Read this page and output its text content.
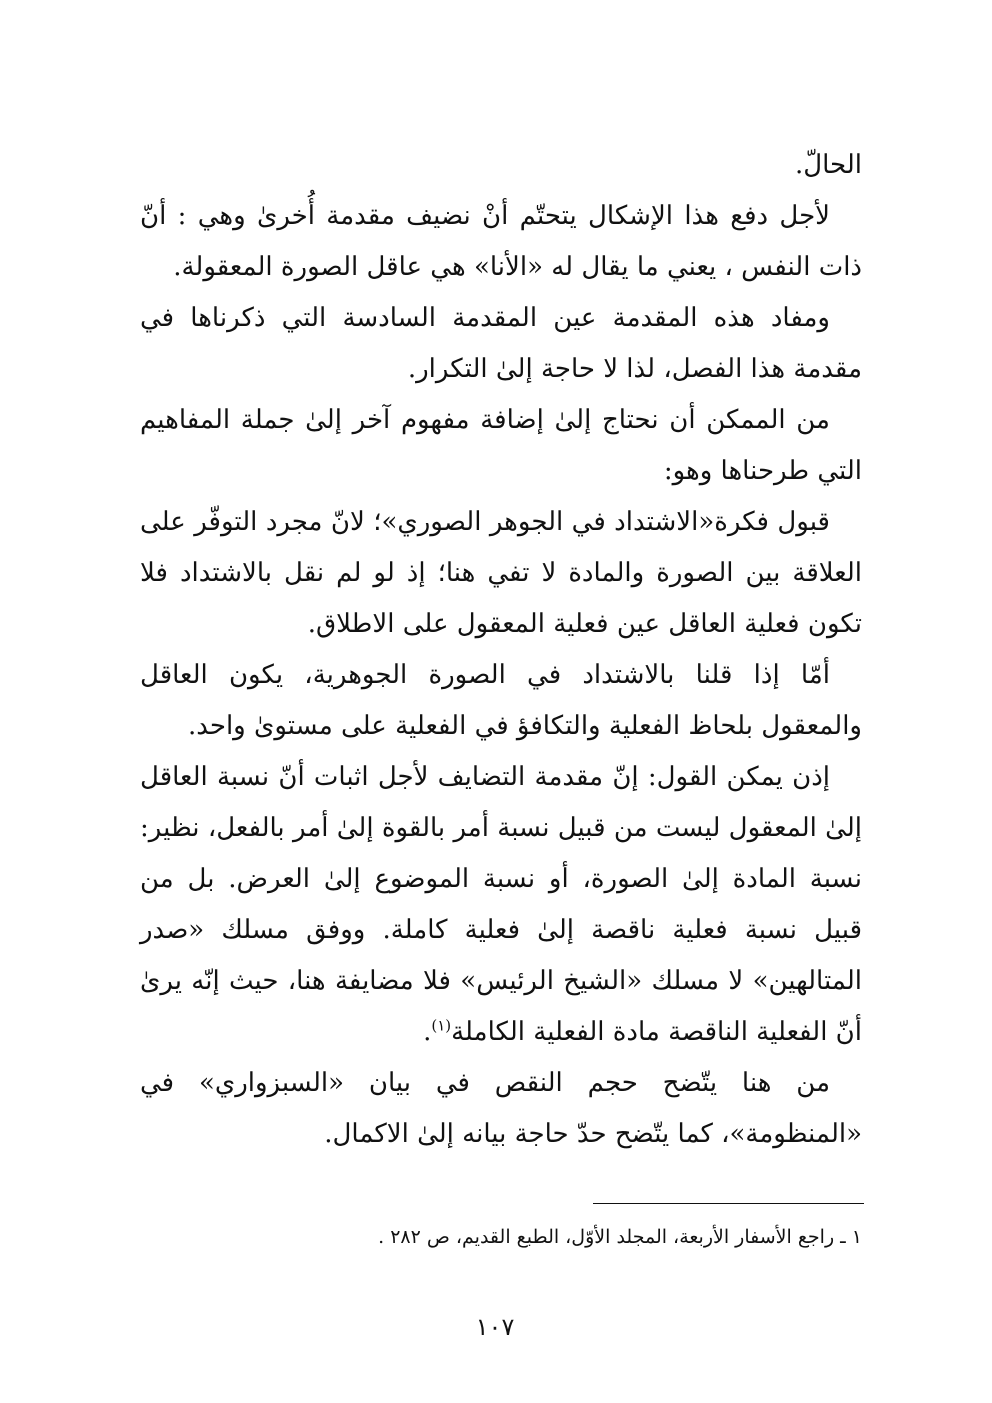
الحالّ.

لأجل دفع هذا الإشكال يتحتّم أنْ نضيف مقدمة أُخرىٰ وهي : أنّ ذات النفس ، يعني ما يقال له «الأنا» هي عاقل الصورة المعقولة.

ومفاد هذه المقدمة عين المقدمة السادسة التي ذكرناها في مقدمة هذا الفصل، لذا لا حاجة إلىٰ التكرار.

من الممكن أن نحتاج إلىٰ إضافة مفهوم آخر إلىٰ جملة المفاهيم التي طرحناها وهو:

قبول فكرة«الاشتداد في الجوهر الصوري»؛ لانّ مجرد التوفّر على العلاقة بين الصورة والمادة لا تفي هنا؛ إذ لو لم نقل بالاشتداد فلا تكون فعلية العاقل عين فعلية المعقول على الاطلاق.

أمّا إذا قلنا بالاشتداد في الصورة الجوهرية، يكون العاقل والمعقول بلحاظ الفعلية والتكافؤ في الفعلية على مستوىٰ واحد.

إذن يمكن القول: إنّ مقدمة التضايف لأجل اثبات أنّ نسبة العاقل إلىٰ المعقول ليست من قبيل نسبة أمر بالقوة إلىٰ أمر بالفعل، نظير: نسبة المادة إلىٰ الصورة، أو نسبة الموضوع إلىٰ العرض. بل من قبيل نسبة فعلية ناقصة إلىٰ فعلية كاملة. ووفق مسلك «صدر المتالهين» لا مسلك «الشيخ الرئيس» فلا مضايفة هنا، حيث إنّه يرىٰ أنّ الفعلية الناقصة مادة الفعلية الكاملة$^{(١)}$.

من هنا يتّضح حجم النقص في بيان «السبزواري» في «المنظومة»، كما يتّضح حدّ حاجة بيانه إلىٰ الاكمال.

١ ـ راجع الأسفار الأربعة، المجلد الأوّل، الطبع القديم، ص ٢٨٢ .
١٠٧
